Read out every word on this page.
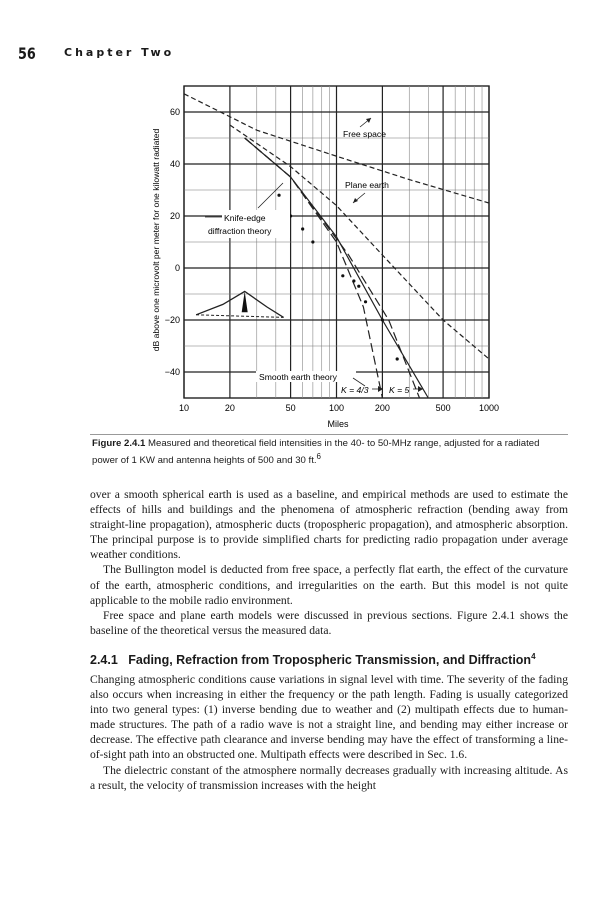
56	Chapter Two
10	20	50	100	200	500	1000
60
40
20
0
−20
−40
Miles
dB above one microvolt per meter for one kilowatt radiated	Free space
Plane earth
Knife-edge
diffraction theory
Smooth earth theory
K = 4/3 K = 5
Figure 2.4.1 Measured and theoretical field intensities in the 40- to 50-MHz range, adjusted for a radiated power of 1 KW and antenna heights of 500 and 30 ft.$^6$

over a smooth spherical earth is used as a baseline, and empirical methods are used to estimate the effects of hills and buildings and the phenomena of atmospheric refraction (bending away from straight-line propagation), atmospheric ducts (tropospheric propagation), and atmospheric absorption. The principal purpose is to provide simplified charts for predicting radio propagation under average weather conditions.

The Bullington model is deducted from free space, a perfectly flat earth, the effect of the curvature of the earth, atmospheric conditions, and irregularities on the earth. But this model is not quite applicable to the mobile radio environment.

Free space and plane earth models were discussed in previous sections. Figure 2.4.1 shows the baseline of the theoretical versus the measured data.

2.4.1 Fading, Refraction from Tropospheric Transmission, and Diffraction$^4$

Changing atmospheric conditions cause variations in signal level with time. The severity of the fading also occurs when increasing in either the frequency or the path length. Fading is usually categorized into two general types: (1) inverse bending due to weather and (2) multipath effects due to human-made structures. The path of a radio wave is not a straight line, and bending may either increase or decrease. The effective path clearance and inverse bending may have the effect of transforming a line-of-sight path into an obstructed one. Multipath effects were described in Sec. 1.6.

The dielectric constant of the atmosphere normally decreases gradually with increasing altitude. As a result, the velocity of transmission increases with the height
